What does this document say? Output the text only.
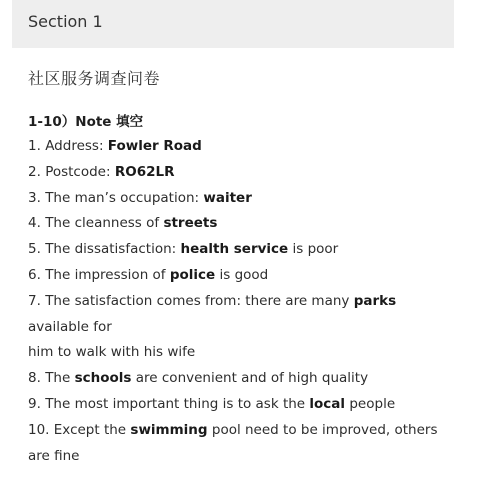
Section 1
社区服务调查问卷
1-10）Note 填空
1. Address: Fowler Road
2. Postcode: RO62LR
3. The man’s occupation: waiter
4. The cleanness of streets
5. The dissatisfaction: health service is poor
6. The impression of police is good
7. The satisfaction comes from: there are many parks
available for
him to walk with his wife
8. The schools are convenient and of high quality
9. The most important thing is to ask the local people
10. Except the swimming pool need to be improved, others
are fine
